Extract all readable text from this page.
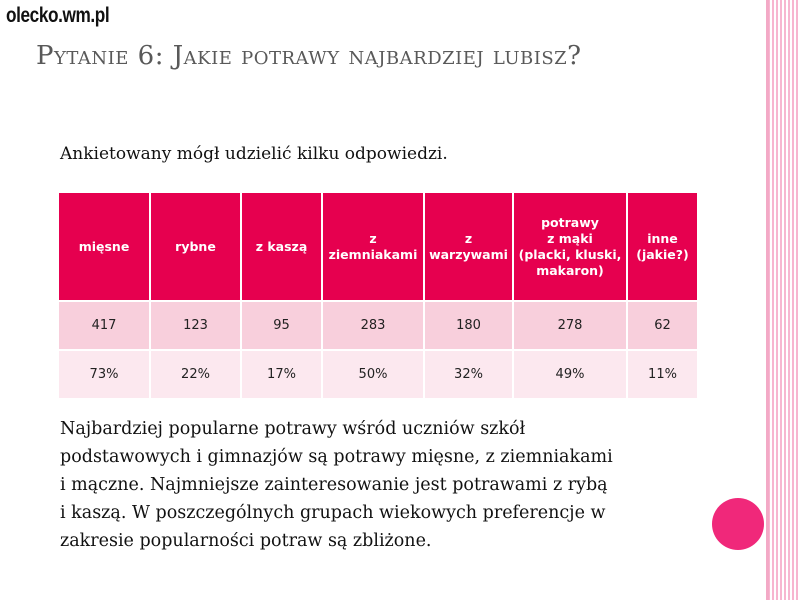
olecko.wm.pl
Pytanie 6: Jakie potrawy najbardziej lubisz?
Ankietowany mógł udzielić kilku odpowiedzi.
mięsne	rybne	z kaszą	z
ziemniakami	z
warzywami	potrawy
z mąki
(placki, kluski,
makaron)	inne
(jakie?)
417	123	95	283	180	278	62
73%	22%	17%	50%	32%	49%	11%

Najbardziej popularne potrawy wśród uczniów szkół
podstawowych i gimnazjów są potrawy mięsne, z ziemniakami
i mączne. Najmniejsze zainteresowanie jest potrawami z rybą
i kaszą. W poszczególnych grupach wiekowych preferencje w
zakresie popularności potraw są zbliżone.
